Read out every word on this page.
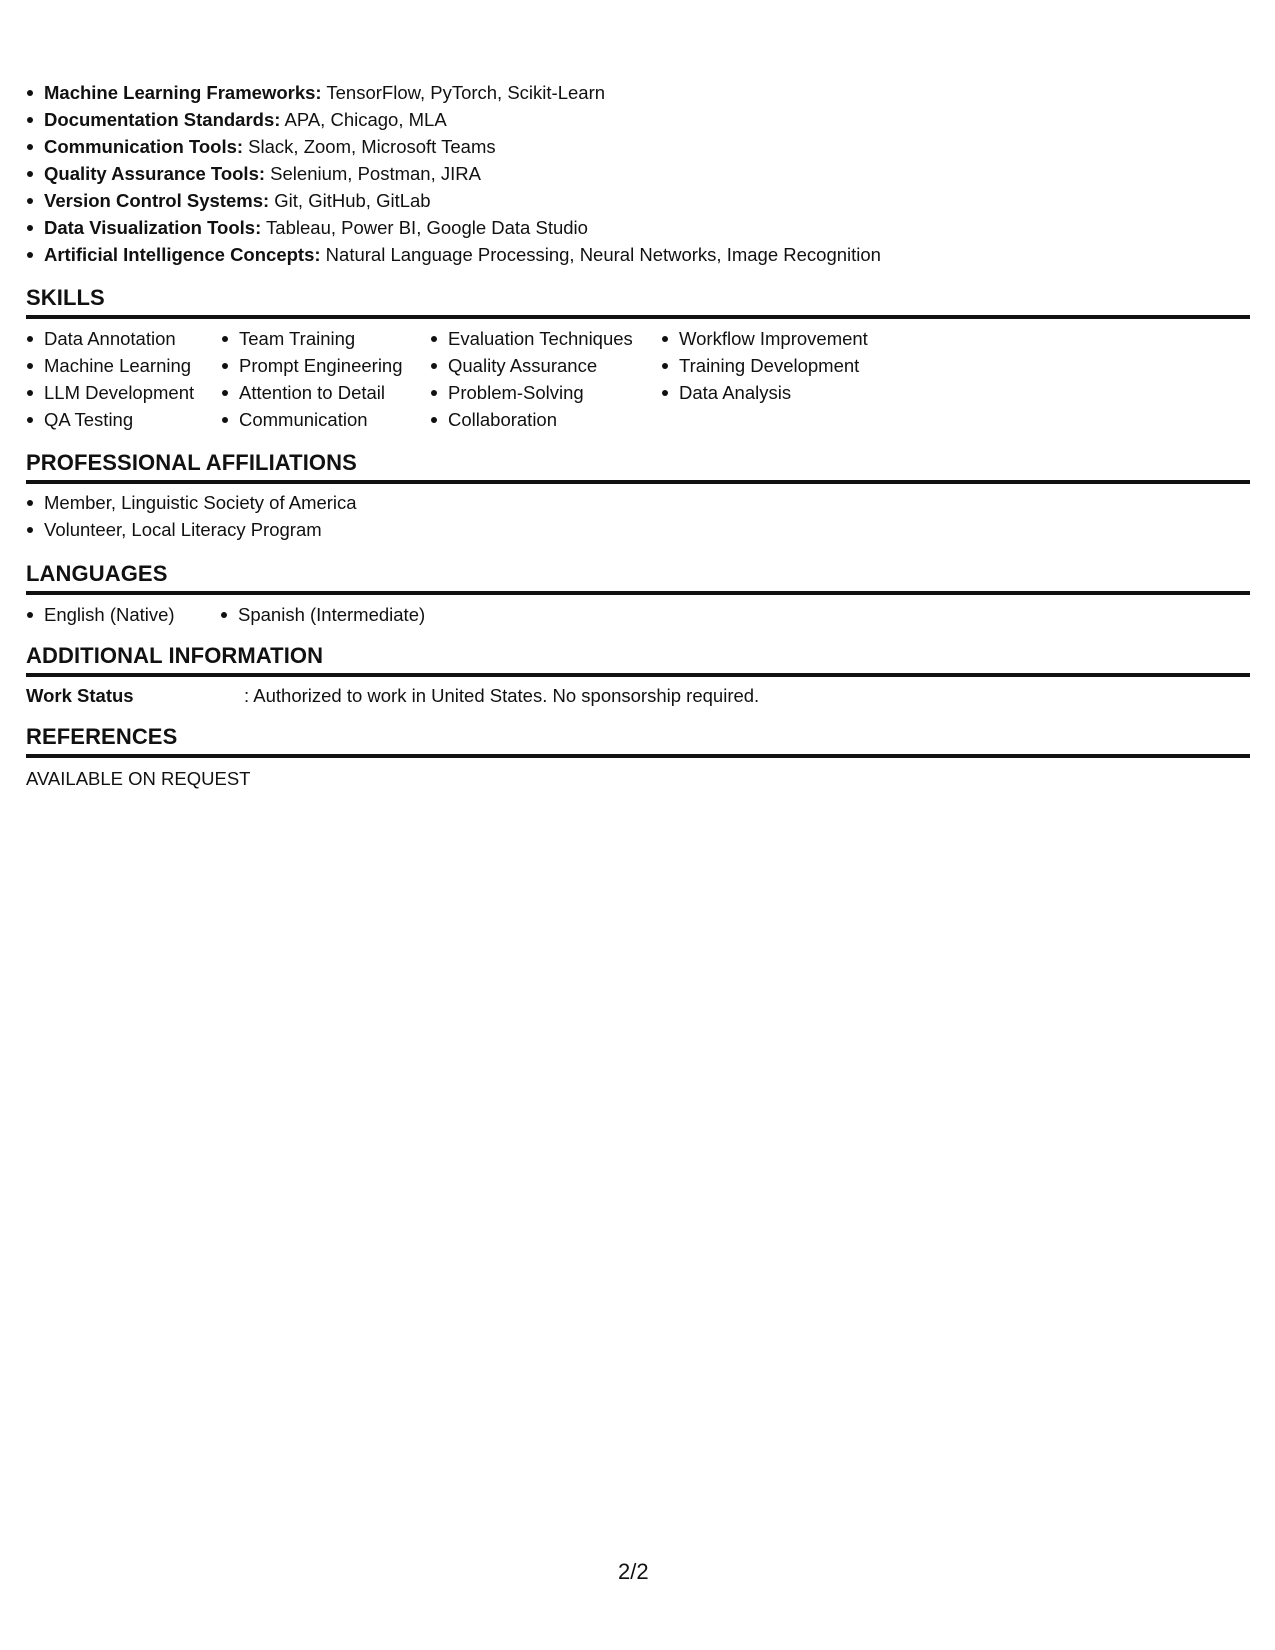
Machine Learning Frameworks: TensorFlow, PyTorch, Scikit-Learn
Documentation Standards: APA, Chicago, MLA
Communication Tools: Slack, Zoom, Microsoft Teams
Quality Assurance Tools: Selenium, Postman, JIRA
Version Control Systems: Git, GitHub, GitLab
Data Visualization Tools: Tableau, Power BI, Google Data Studio
Artificial Intelligence Concepts: Natural Language Processing, Neural Networks, Image Recognition
SKILLS
Data Annotation
Machine Learning
LLM Development
QA Testing
Team Training
Prompt Engineering
Attention to Detail
Communication
Evaluation Techniques
Quality Assurance
Problem-Solving
Collaboration
Workflow Improvement
Training Development
Data Analysis
PROFESSIONAL AFFILIATIONS
Member, Linguistic Society of America
Volunteer, Local Literacy Program
LANGUAGES
English (Native)	Spanish (Intermediate)
ADDITIONAL INFORMATION
Work Status	: Authorized to work in United States. No sponsorship required.
REFERENCES
AVAILABLE ON REQUEST
2/2
